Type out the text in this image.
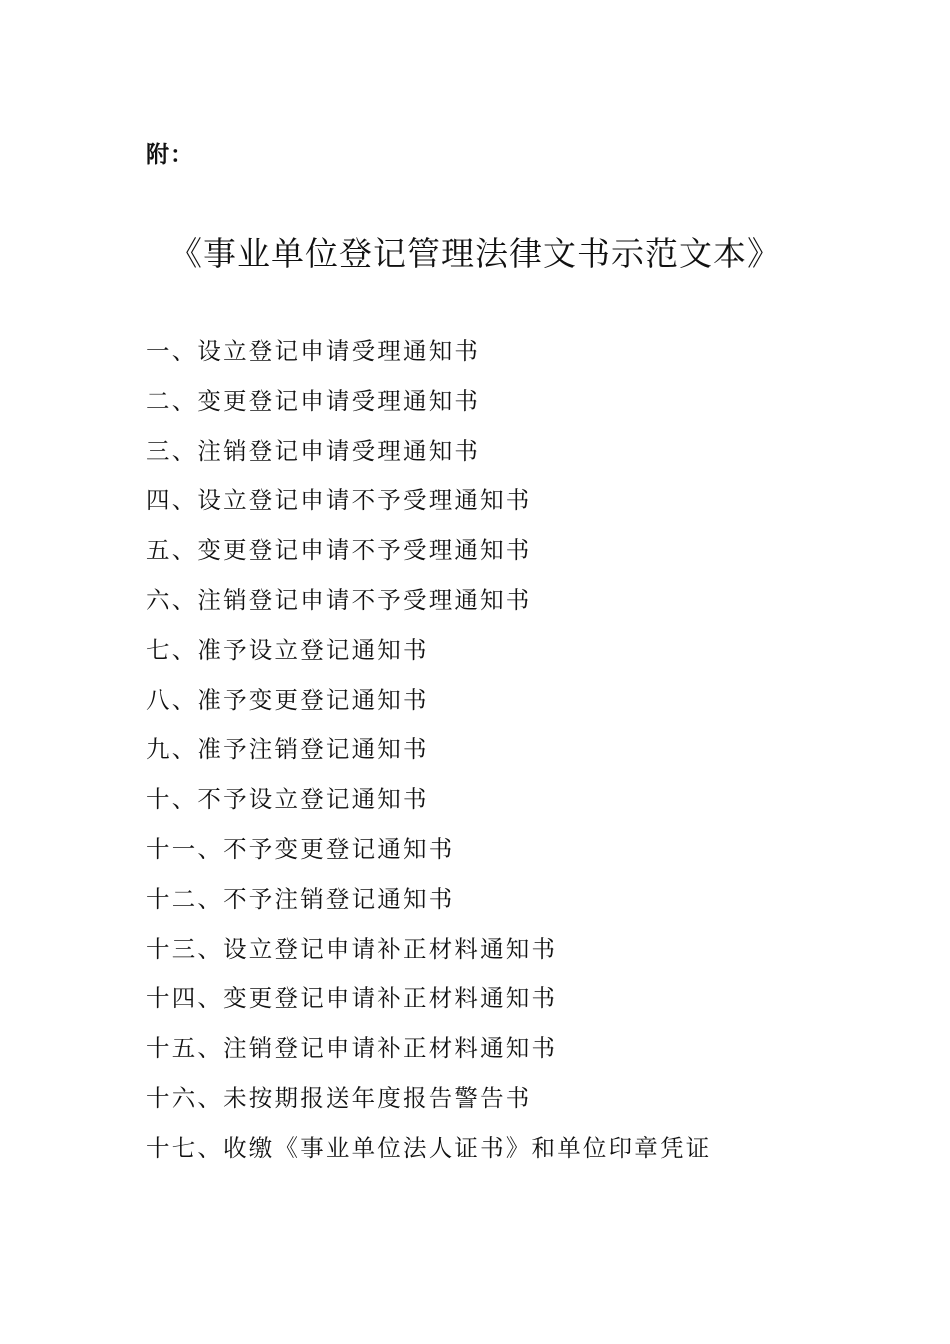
附：
《事业单位登记管理法律文书示范文本》
一、设立登记申请受理通知书
二、变更登记申请受理通知书
三、注销登记申请受理通知书
四、设立登记申请不予受理通知书
五、变更登记申请不予受理通知书
六、注销登记申请不予受理通知书
七、准予设立登记通知书
八、准予变更登记通知书
九、准予注销登记通知书
十、不予设立登记通知书
十一、不予变更登记通知书
十二、不予注销登记通知书
十三、设立登记申请补正材料通知书
十四、变更登记申请补正材料通知书
十五、注销登记申请补正材料通知书
十六、未按期报送年度报告警告书
十七、收缴《事业单位法人证书》和单位印章凭证
